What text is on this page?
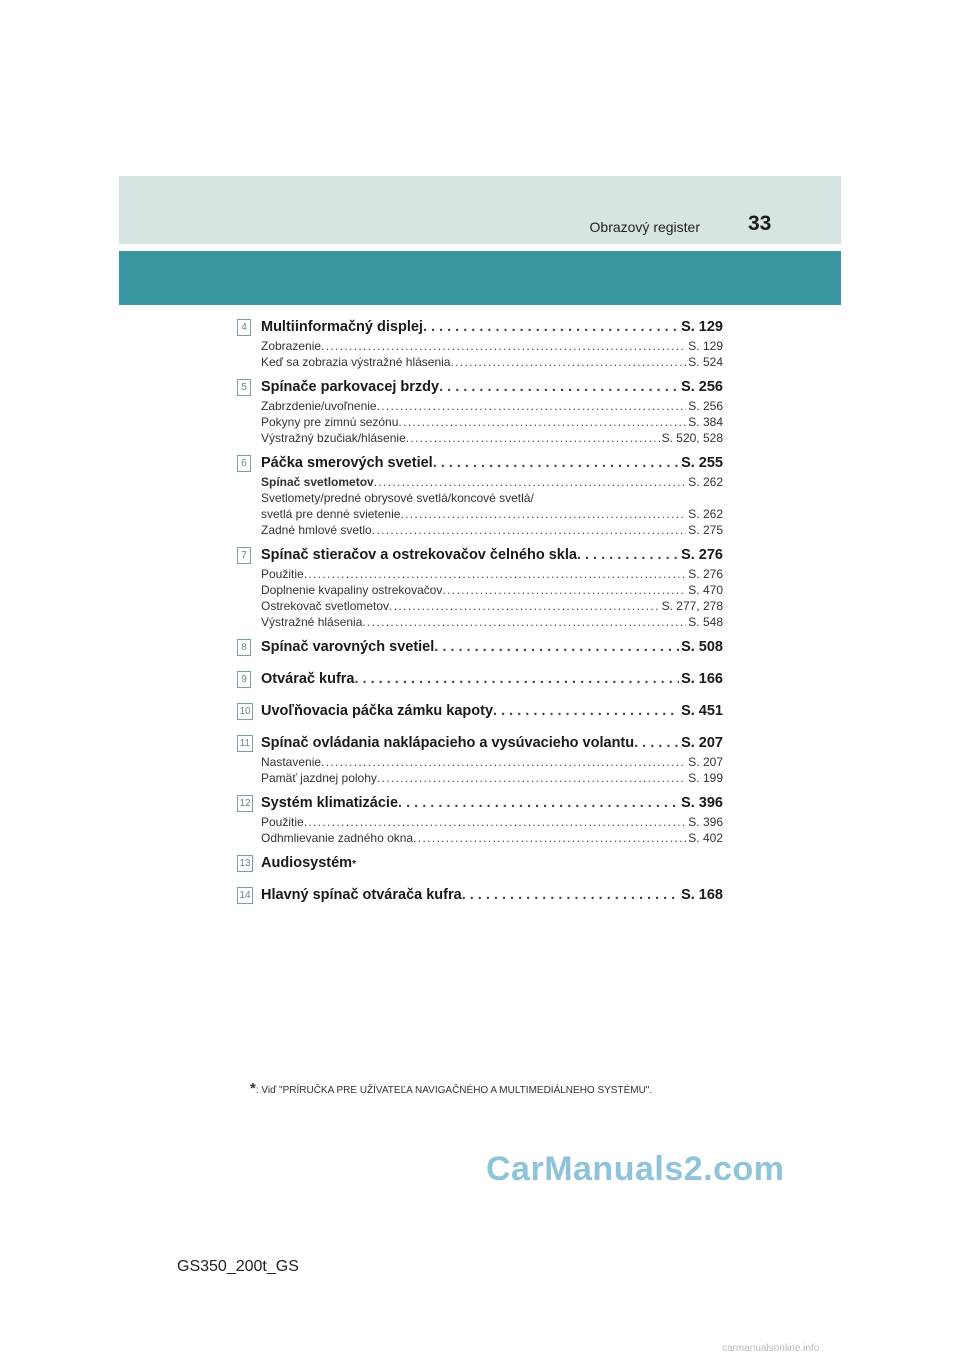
Obrazový register 33
4 Multiinformačný displej . . .	S. 129
Zobrazenie . . .	S. 129
Keď sa zobrazia výstražné hlásenia . . .	S. 524
5 Spínače parkovacej brzdy . . .	S. 256
Zabrzdenie/uvoľnenie . . .	S. 256
Pokyny pre zimnú sezónu . . .	S. 384
Výstražný bzučiak/hlásenie . . .	S. 520, 528
6 Páčka smerových svetiel . . .	S. 255
Spínač svetlometov . . .	S. 262
Svetlomety/predné obrysové svetlá/koncové svetlá/
svetlá pre denné svietenie . . .	S. 262
Zadné hmlové svetlo . . .	S. 275
7 Spínač stieračov a ostrekovačov čelného skla . . .	S. 276
Použitie . . .	S. 276
Doplnenie kvapaliny ostrekovačov . . .	S. 470
Ostrekovač svetlometov . . .	S. 277, 278
Výstražné hlásenia . . .	S. 548
8 Spínač varovných svetiel . . .	S. 508
9 Otvárač kufra . . .	S. 166
10 Uvoľňovacia páčka zámku kapoty . . .	S. 451
11 Spínač ovládania naklápacieho a vysúvacieho volantu . . .	S. 207
Nastavenie . . .	S. 207
Pamäť jazdnej polohy . . .	S. 199
12 Systém klimatizácie . . .	S. 396
Použitie . . .	S. 396
Odhmlievanie zadného okna . . .	S. 402
13 Audiosystém *
14 Hlavný spínač otvárača kufra . . .	S. 168
*: Viď "PRÍRUČKA PRE UŽÍVATEĽA NAVIGAČNÉHO A MULTIMEDIÁLNEHO SYSTÉMU".
GS350_200t_GS
CarManuals2.com
carmanualsonline.info
